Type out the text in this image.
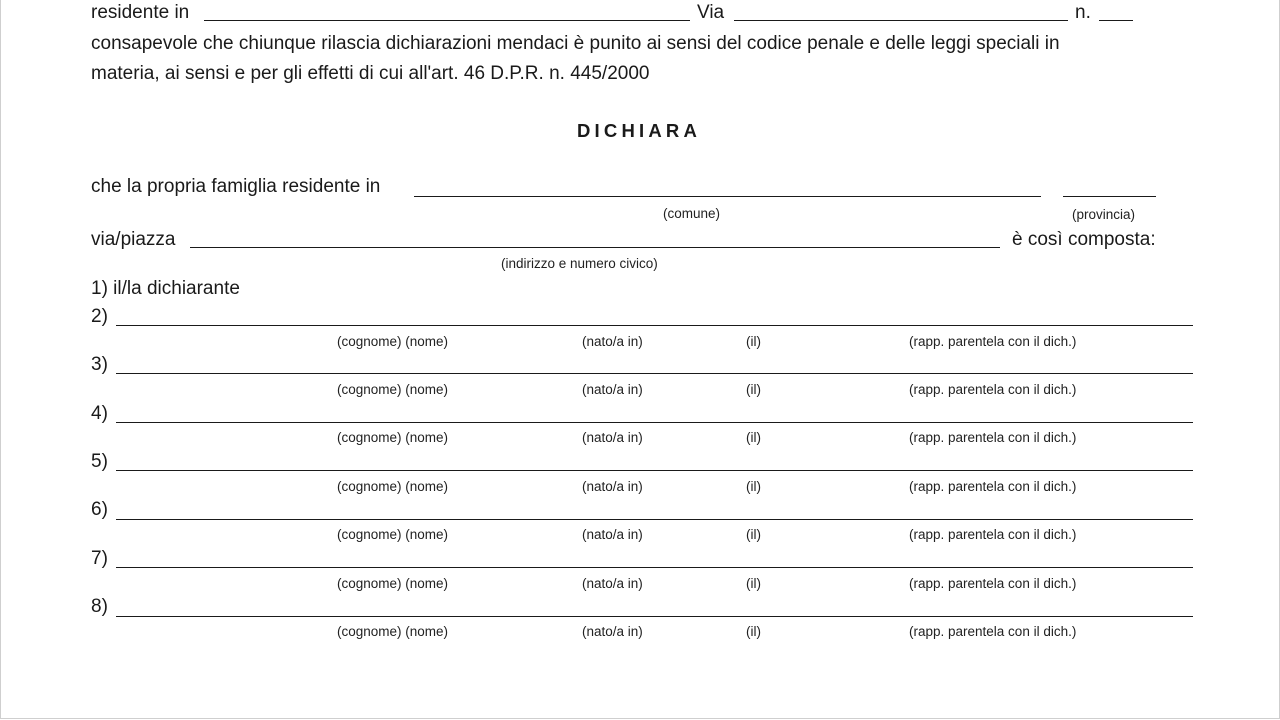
residente in	Via	n.
consapevole che chiunque rilascia dichiarazioni mendaci è punito ai sensi del codice penale e delle leggi speciali in
materia, ai sensi e per gli effetti di cui all'art. 46 D.P.R. n. 445/2000
DICHIARA
che la propria famiglia residente in
(comune)	(provincia)
via/piazza	è così composta:
(indirizzo e numero civico)
1) il/la dichiarante
2)
(cognome) (nome)	(nato/a in)	(il)	(rapp. parentela con il dich.)
3)
(cognome) (nome)	(nato/a in)	(il)	(rapp. parentela con il dich.)
4)
(cognome) (nome)	(nato/a in)	(il)	(rapp. parentela con il dich.)
5)
(cognome) (nome)	(nato/a in)	(il)	(rapp. parentela con il dich.)
6)
(cognome) (nome)	(nato/a in)	(il)	(rapp. parentela con il dich.)
7)
(cognome) (nome)	(nato/a in)	(il)	(rapp. parentela con il dich.)
8)
(cognome) (nome)	(nato/a in)	(il)	(rapp. parentela con il dich.)
